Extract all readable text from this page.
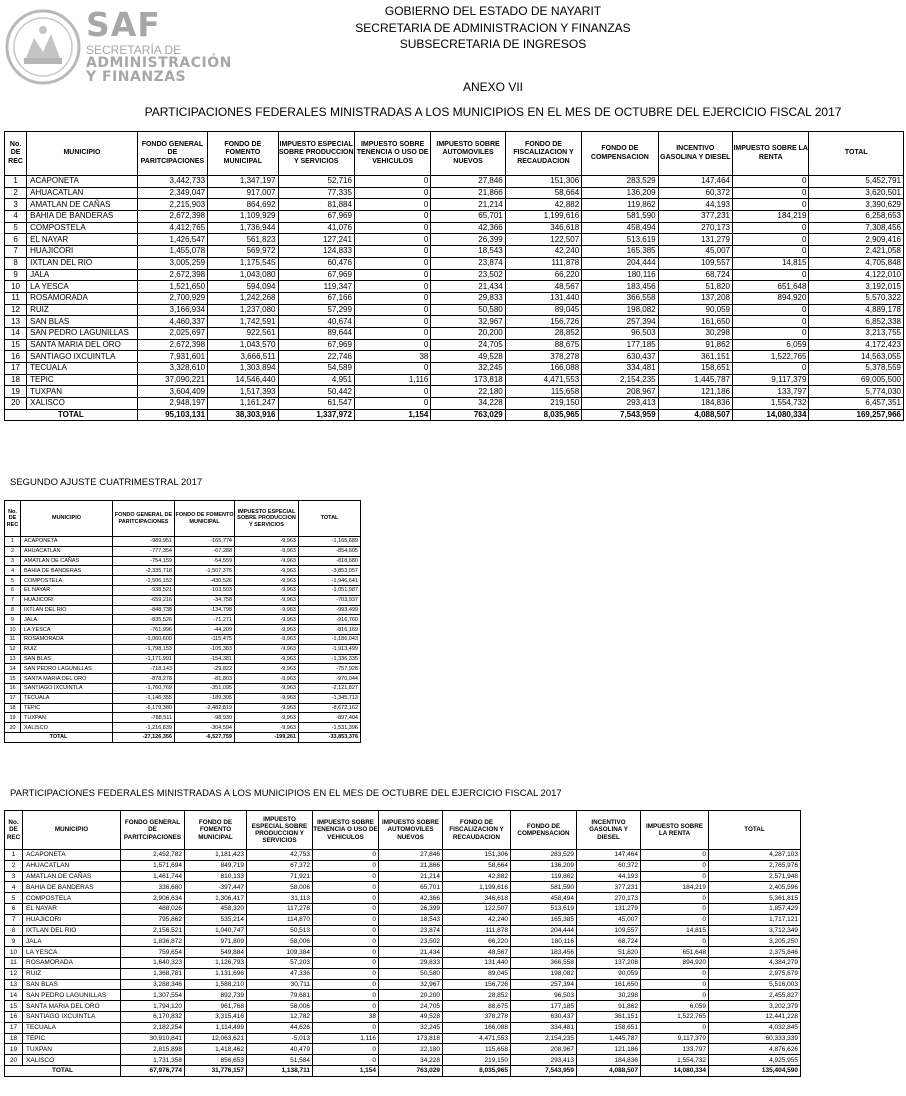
SAF
SECRETARÍA DE
ADMINISTRACIÓN
Y FINANZAS
GOBIERNO DEL ESTADO DE NAYARIT
SECRETARIA DE ADMINISTRACION Y FINANZAS
SUBSECRETARIA DE INGRESOS
ANEXO VII
PARTICIPACIONES FEDERALES MINISTRADAS A LOS MUNICIPIOS EN EL MES DE OCTUBRE DEL EJERCICIO FISCAL 2017
No. DE REC	MUNICIPIO	FONDO GENERAL DE PARITCIPACIONES	FONDO DE FOMENTO MUNICIPAL	IMPUESTO ESPECIAL SOBRE PRODUCCION Y SERVICIOS	IMPUESTO SOBRE TENENCIA O USO DE VEHICULOS	IMPUESTO SOBRE AUTOMOVILES NUEVOS	FONDO DE FISCALIZACION Y RECAUDACION	FONDO DE COMPENSACION	INCENTIVO GASOLINA Y DIESEL	IMPUESTO SOBRE LA RENTA	TOTAL
1	ACAPONETA	3,442,733	1,347,197	52,716	0	27,846	151,306	283,529	147,464	0	5,452,791
2	AHUACATLAN	2,349,047	917,007	77,335	0	21,866	58,664	136,209	60,372	0	3,620,501
3	AMATLAN DE CAÑAS	2,215,903	864,692	81,884	0	21,214	42,882	119,862	44,193	0	3,390,629
4	BAHIA DE BANDERAS	2,672,398	1,109,929	67,969	0	65,701	1,199,616	581,590	377,231	184,219	6,258,653
5	COMPOSTELA	4,412,765	1,736,944	41,076	0	42,366	346,618	458,494	270,173	0	7,308,456
6	EL NAYAR	1,426,547	561,823	127,241	0	26,399	122,507	513,619	131,279	0	2,909,416
7	HUAJICORI	1,455,078	569,972	124,833	0	18,543	42,240	165,385	45,007	0	2,421,058
8	IXTLAN DEL RIO	3,005,259	1,175,545	60,476	0	23,874	111,878	204,444	109,557	14,815	4,705,848
9	JALA	2,672,398	1,043,080	67,969	0	23,502	66,220	180,116	68,724	0	4,122,010
10	LA YESCA	1,521,650	594,094	119,347	0	21,434	48,567	183,456	51,820	651,648	3,192,015
11	ROSAMORADA	2,700,929	1,242,268	67,166	0	29,833	131,440	366,558	137,208	894,920	5,570,322
12	RUIZ	3,166,934	1,237,080	57,299	0	50,580	89,045	198,082	90,059	0	4,889,178
13	SAN BLAS	4,460,337	1,742,591	40,674	0	32,967	156,726	257,394	161,650	0	6,852,338
14	SAN PEDRO LAGUNILLAS	2,025,697	922,561	89,644	0	20,200	28,852	96,503	30,298	0	3,213,755
15	SANTA MARIA DEL ORO	2,672,398	1,043,570	67,969	0	24,705	88,675	177,185	91,862	6,059	4,172,423
16	SANTIAGO IXCUINTLA	7,931,601	3,666,511	22,746	38	49,528	378,278	630,437	361,151	1,522,765	14,563,055
17	TECUALA	3,328,610	1,303,894	54,589	0	32,245	166,088	334,481	158,651	0	5,378,559
18	TEPIC	37,090,221	14,546,440	4,951	1,116	173,818	4,471,553	2,154,235	1,445,787	9,117,379	69,005,500
19	TUXPAN	3,604,409	1,517,393	50,442	0	22,180	115,658	208,967	121,186	133,797	5,774,030
20	XALISCO	2,948,197	1,161,247	61,547	0	34,228	219,150	293,413	184,836	1,554,732	6,457,351
TOTAL		95,103,131	38,303,916	1,337,972	1,154	763,029	8,035,965	7,543,959	4,088,507	14,080,334	169,257,966
SEGUNDO AJUSTE CUATRIMESTRAL 2017
No. DE REC	MUNICIPIO	FONDO GENERAL DE PARITCIPACIONES	FONDO DE FOMENTO MUNICIPAL	IMPUESTO ESPECIAL SOBRE PRODUCCION Y SERVICIOS	TOTAL
1	ACAPONETA	-989,951	-165,774	-9,963	-1,165,689
2	AHUACATLAN	-777,354	-67,288	-9,963	-854,605
3	AMATLAN DE CAÑAS	-754,159	-54,559	-9,963	-818,680
4	BAHIA DE BANDERAS	-2,335,718	-1,507,376	-9,963	-3,853,057
5	COMPOSTELA	-1,506,152	-430,526	-9,963	-1,946,641
6	EL NAYAR	-938,521	-103,503	-9,963	-1,051,987
7	HUAJICORI	-659,216	-34,758	-9,963	-703,937
8	IXTLAN DEL RIO	-848,738	-134,798	-9,963	-993,499
9	JALA	-835,526	-71,271	-9,963	-916,760
10	LA YESCA	-761,996	-44,209	-9,963	-816,169
11	ROSAMORADA	-1,060,600	-115,475	-9,963	-1,186,043
12	RUIZ	-1,798,153	-105,383	-9,963	-1,913,499
13	SAN BLAS	-1,171,991	-154,381	-9,963	-1,336,335
14	SAN PEDRO LAGUNILLAS	-718,143	-29,822	-9,963	-757,928
15	SANTA MARIA DEL ORO	-878,278	-81,803	-9,963	-970,044
16	SANTIAGO IXCUINTLA	-1,760,769	-351,095	-9,963	-2,121,827
17	TECUALA	-1,146,355	-189,395	-9,963	-1,345,713
18	TEPIC	-6,179,380	-2,482,819	-9,963	-8,672,162
19	TUXPAN	-788,511	-98,930	-9,963	-897,404
20	XALISCO	-1,216,839	-304,594	-9,963	-1,531,396
TOTAL		-27,126,356	-6,527,759	-199,261	-33,853,376
PARTICIPACIONES FEDERALES MINISTRADAS A LOS MUNICIPIOS EN EL MES DE OCTUBRE DEL EJERCICIO FISCAL 2017
No. DE REC	MUNICIPIO	FONDO GENERAL DE PARITCIPACIONES	FONDO DE FOMENTO MUNICIPAL	IMPUESTO ESPECIAL SOBRE PRODUCCION Y SERVICIOS	IMPUESTO SOBRE TENENCIA O USO DE VEHICULOS	IMPUESTO SOBRE AUTOMOVILES NUEVOS	FONDO DE FISCALIZACION Y RECAUDACION	FONDO DE COMPENSACION	INCENTIVO GASOLINA Y DIESEL	IMPUESTO SOBRE LA RENTA	TOTAL
1	ACAPONETA	2,452,782	1,181,423	42,753	0	27,846	151,306	283,529	147,464	0	4,287,103
2	AHUACATLAN	1,571,694	849,719	67,372	0	21,866	58,664	136,209	60,372	0	2,765,976
3	AMATLAN DE CAÑAS	1,461,744	810,133	71,921	0	21,214	42,882	119,862	44,193	0	2,571,948
4	BAHIA DE BANDERAS	336,680	-397,447	58,006	0	65,701	1,199,616	581,590	377,231	184,219	2,405,596
5	COMPOSTELA	2,906,634	1,306,417	31,113	0	42,366	346,618	458,494	270,173	0	5,361,815
6	EL NAYAR	488,026	458,320	117,278	0	26,399	122,507	513,619	131,279	0	1,857,429
7	HUAJICORI	795,862	535,214	114,870	0	18,543	42,240	165,385	45,007	0	1,717,121
8	IXTLAN DEL RIO	2,156,521	1,040,747	50,513	0	23,874	111,878	204,444	109,557	14,815	3,712,349
9	JALA	1,836,872	971,809	58,006	0	23,502	66,220	180,116	68,724	0	3,205,250
10	LA YESCA	759,654	549,884	109,384	0	21,434	48,567	183,456	51,820	651,648	2,375,846
11	ROSAMORADA	1,640,323	1,126,793	57,203	0	29,833	131,440	366,558	137,208	894,920	4,384,279
12	RUIZ	1,368,781	1,131,696	47,336	0	50,580	89,045	198,082	90,059	0	2,975,679
13	SAN BLAS	3,288,346	1,588,210	30,711	0	32,967	156,726	257,394	161,650	0	5,516,003
14	SAN PEDRO LAGUNILLAS	1,307,554	892,739	79,681	0	20,200	28,852	96,503	30,298	0	2,455,827
15	SANTA MARIA DEL ORO	1,794,120	961,768	58,006	0	24,705	88,675	177,185	91,862	6,059	3,202,379
16	SANTIAGO IXCUINTLA	6,170,832	3,315,416	12,782	38	49,528	378,278	630,437	361,151	1,522,765	12,441,228
17	TECUALA	2,182,254	1,114,499	44,626	0	32,245	166,088	334,481	158,651	0	4,032,845
18	TEPIC	30,910,841	12,063,621	-5,013	1,116	173,818	4,471,553	2,154,235	1,445,787	9,117,379	60,333,339
19	TUXPAN	2,815,898	1,418,462	40,479	0	22,180	115,658	208,967	121,186	133,797	4,876,626
20	XALISCO	1,731,358	856,653	51,584	0	34,228	219,150	293,413	184,836	1,554,732	4,925,955
TOTAL		67,976,774	31,776,157	1,138,711	1,154	763,029	8,035,965	7,543,959	4,088,507	14,080,334	135,404,590
